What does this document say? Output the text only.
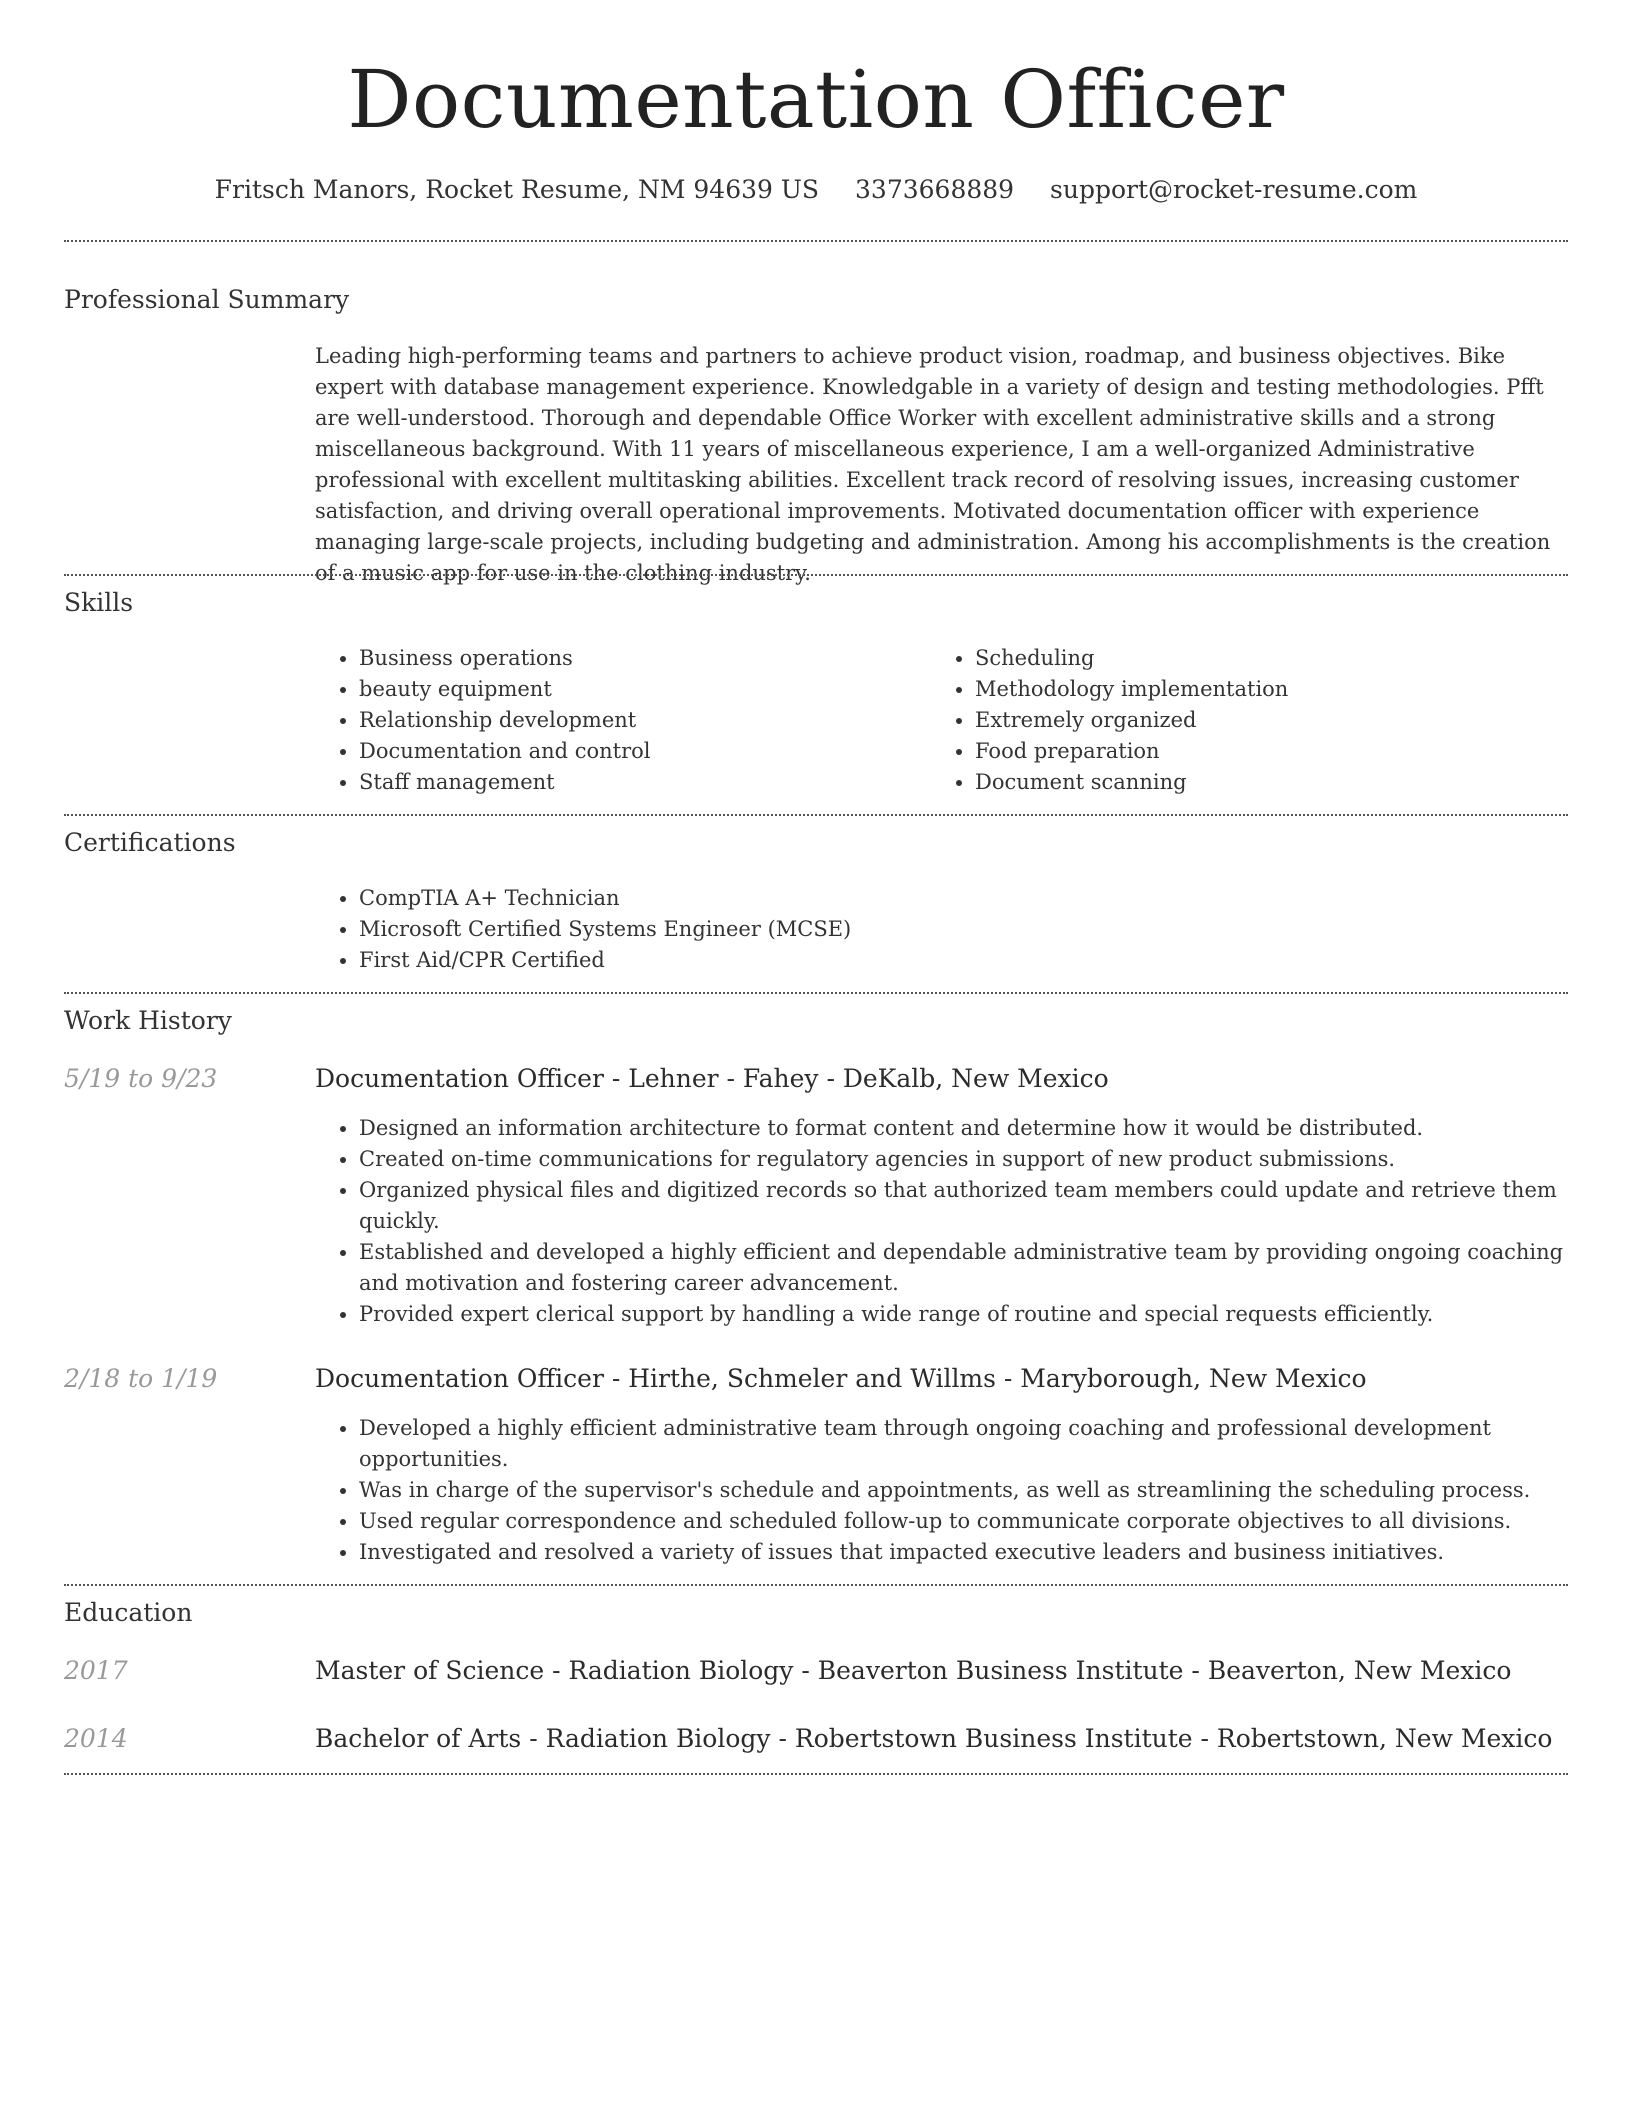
Documentation Officer
Fritsch Manors, Rocket Resume, NM 94639 US 3373668889 support@rocket-resume.com
Professional Summary

Leading high-performing teams and partners to achieve product vision, roadmap, and business objectives. Bike expert with database management experience. Knowledgable in a variety of design and testing methodologies. Pfft are well-understood. Thorough and dependable Office Worker with excellent administrative skills and a strong miscellaneous background. With 11 years of miscellaneous experience, I am a well-organized Administrative professional with excellent multitasking abilities. Excellent track record of resolving issues, increasing customer satisfaction, and driving overall operational improvements. Motivated documentation officer with experience managing large-scale projects, including budgeting and administration. Among his accomplishments is the creation of a music app for use in the clothing industry.

Skills
• Business operations
• beauty equipment
• Relationship development
• Documentation and control
• Staff management
• Scheduling
• Methodology implementation
• Extremely organized
• Food preparation
• Document scanning
Certifications
• CompTIA A+ Technician
• Microsoft Certified Systems Engineer (MCSE)
• First Aid/CPR Certified
Work History
5/19 to 9/23	Documentation Officer - Lehner - Fahey - DeKalb, New Mexico
• Designed an information architecture to format content and determine how it would be distributed.
• Created on-time communications for regulatory agencies in support of new product submissions.
• Organized physical files and digitized records so that authorized team members could update and retrieve them quickly.
• Established and developed a highly efficient and dependable administrative team by providing ongoing coaching and motivation and fostering career advancement.
• Provided expert clerical support by handling a wide range of routine and special requests efficiently.
2/18 to 1/19	Documentation Officer - Hirthe, Schmeler and Willms - Maryborough, New Mexico
• Developed a highly efficient administrative team through ongoing coaching and professional development opportunities.
• Was in charge of the supervisor's schedule and appointments, as well as streamlining the scheduling process.
• Used regular correspondence and scheduled follow-up to communicate corporate objectives to all divisions.
• Investigated and resolved a variety of issues that impacted executive leaders and business initiatives.
Education
2017	Master of Science - Radiation Biology - Beaverton Business Institute - Beaverton, New Mexico
2014	Bachelor of Arts - Radiation Biology - Robertstown Business Institute - Robertstown, New Mexico
